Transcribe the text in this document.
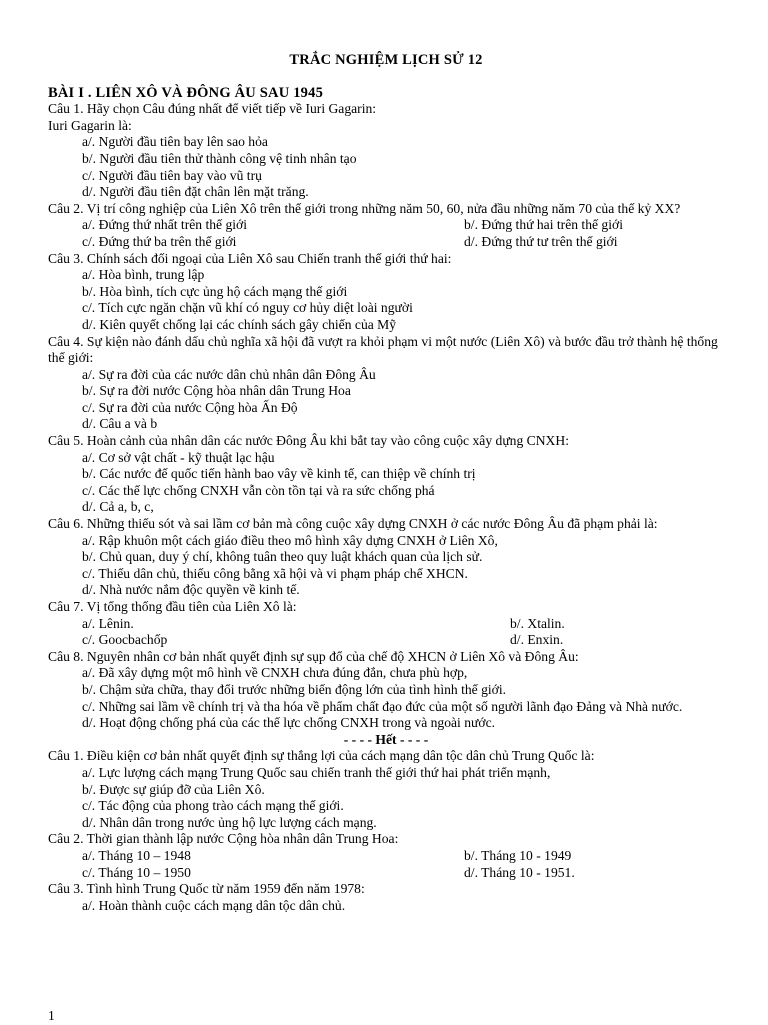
TRẮC NGHIỆM LỊCH SỬ 12
BÀI I . LIÊN XÔ VÀ ĐÔNG ÂU SAU 1945
Câu 1. Hãy chọn Câu đúng nhất để viết tiếp về Iuri Gagarin:
Iuri Gagarin là:
a/. Người đầu tiên bay lên sao hỏa
b/. Người đầu tiên thử thành công vệ tinh nhân tạo
c/. Người đầu tiên bay vào vũ trụ
d/. Người đầu tiên đặt chân lên mặt trăng.
Câu 2. Vị trí công nghiệp của Liên Xô trên thế giới trong những năm 50, 60, nửa đầu những năm 70 của thế kỷ XX?
a/. Đứng thứ nhất trên thế giới	b/. Đứng thứ hai trên thế giới
c/. Đứng thứ ba trên thế giới	d/. Đứng thứ tư trên thế giới
Câu 3. Chính sách đối ngoại của Liên Xô sau Chiến tranh thế giới thứ hai:
a/. Hòa bình, trung lập
b/. Hòa bình, tích cực ủng hộ cách mạng thế giới
c/. Tích cực ngăn chặn vũ khí có nguy cơ hủy diệt loài người
d/. Kiên quyết chống lại các chính sách gây chiến của Mỹ
Câu 4. Sự kiện nào đánh dấu chủ nghĩa xã hội đã vượt ra khỏi phạm vi một nước (Liên Xô) và bước đầu trở thành hệ thống thế giới:
a/. Sự ra đời của các nước dân chủ nhân dân Đông Âu
b/. Sự ra đời nước Cộng hòa nhân dân Trung Hoa
c/. Sự ra đời của nước Cộng hòa Ấn Độ
d/. Câu a và b
Câu 5. Hoàn cảnh của nhân dân các nước Đông Âu khi bắt tay vào công cuộc xây dựng CNXH:
a/. Cơ sở vật chất - kỹ thuật lạc hậu
b/. Các nước đế quốc tiến hành bao vây về kinh tế, can thiệp về chính trị
c/. Các thế lực chống CNXH vẫn còn tồn tại và ra sức chống phá
d/. Cả a, b, c,
Câu 6. Những thiếu sót và sai lầm cơ bản mà công cuộc xây dựng CNXH ở các nước Đông Âu đã phạm phải là:
a/. Rập khuôn một cách giáo điều theo mô hình xây dựng CNXH ở Liên Xô,
b/. Chủ quan, duy ý chí, không tuân theo quy luật khách quan của lịch sử.
c/. Thiếu dân chủ, thiếu công bằng xã hội và vi phạm pháp chế XHCN.
d/. Nhà nước nắm độc quyền về kinh tế.
Câu 7. Vị tổng thống đầu tiên của Liên Xô là:
a/. Lênin.	b/. Xtalin.
c/. Goocbachốp	d/. Enxin.
Câu 8. Nguyên nhân cơ bản nhất quyết định sự sụp đổ của chế độ XHCN ở Liên Xô và Đông Âu:
a/. Đã xây dựng một mô hình về CNXH chưa đúng đắn, chưa phù hợp,
b/. Chậm sửa chữa, thay đổi trước những biến động lớn của tình hình thế giới.
c/. Những sai lầm về chính trị và tha hóa về phẩm chất đạo đức của một số người lãnh đạo Đảng và Nhà nước.
d/. Hoạt động chống phá của các thế lực chống CNXH trong và ngoài nước.
- - - - Hết - - - -
Câu 1. Điều kiện cơ bản nhất quyết định sự thắng lợi của cách mạng dân tộc dân chủ Trung Quốc là:
a/. Lực lượng cách mạng Trung Quốc sau chiến tranh thế giới thứ hai phát triển mạnh,
b/. Được sự giúp đỡ của Liên Xô.
c/. Tác động của phong trào cách mạng thế giới.
d/. Nhân dân trong nước ủng hộ lực lượng cách mạng.
Câu 2. Thời gian thành lập nước Cộng hòa nhân dân Trung Hoa:
a/. Tháng 10 – 1948	b/. Tháng 10 - 1949
c/. Tháng 10 – 1950	d/. Tháng 10 - 1951.
Câu 3. Tình hình Trung Quốc từ năm 1959 đến năm 1978:
a/. Hoàn thành cuộc cách mạng dân tộc dân chủ.
1
